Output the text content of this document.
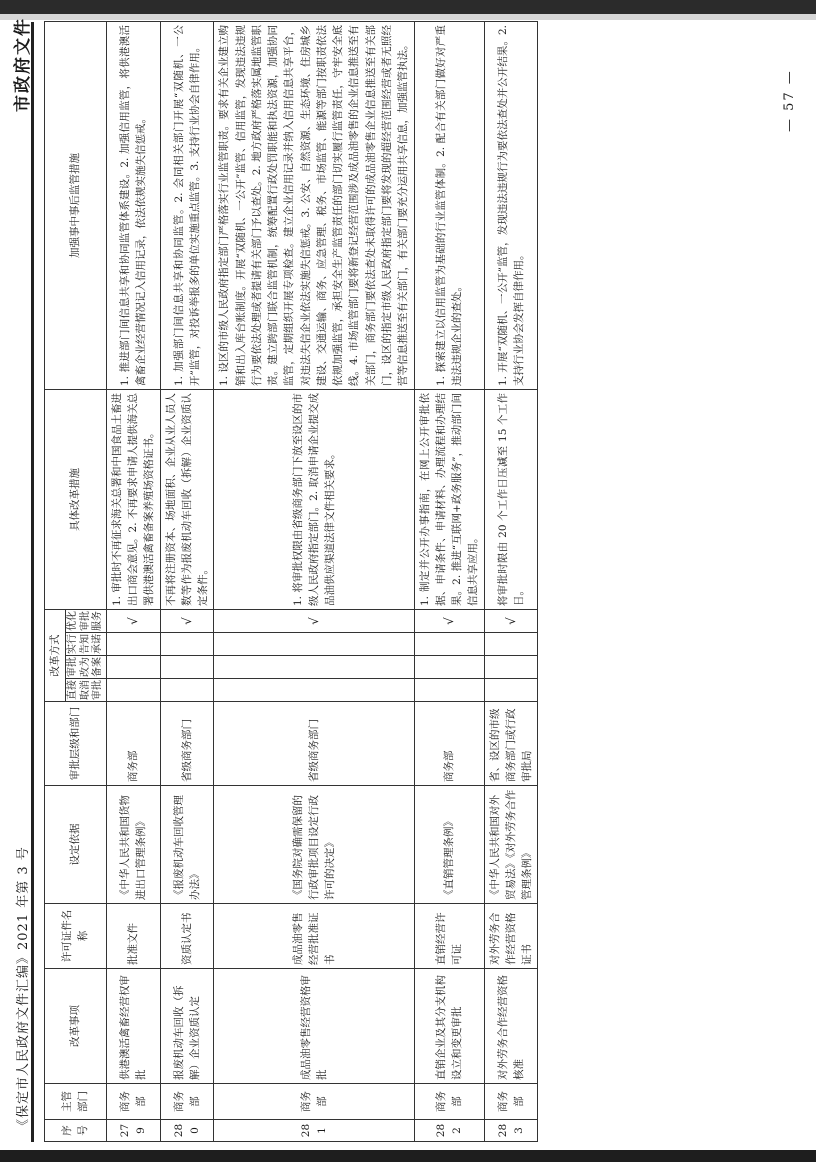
《保定市人民政府文件汇编》2021 年第 3 号
市政府文件
序号	主管部门	改革事项	许可证件名称	设定依据	审批层级和部门	改革方式				具体改革措施	加强事中事后监管措施
						直接取消审批	审批改为备案	实行告知承诺	优化审批服务		
279	商务部	供港澳活禽畜经营权审批	批准文件	《中华人民共和国货物进出口管理条例》	商务部				√	1. 审批时不再征求海关总署和中国食品土畜进出口商会意见。2. 不再要求申请人提供海关总署供港澳活禽畜备案养殖场资格证书。	1. 推进部门间信息共享和协同监管体系建设。2. 加强信用监管，将供港澳活禽畜企业经营情况记入信用记录，依法依规实施失信惩戒。
280	商务部	报废机动车回收（拆解）企业资质认定	资质认定书	《报废机动车回收管理办法》	省级商务部门				√	不再将注册资本、场地面积、企业从业人员人数等作为报废机动车回收（拆解）企业资质认定条件。	1. 加强部门间信息共享和协同监管。2. 会同相关部门开展“双随机、一公开”监管，对投诉举报多的单位实施重点监管。3. 支持行业协会自律作用。
281	商务部	成品油零售经营资格审批	成品油零售经营批准证书	《国务院对确需保留的行政审批项目设定行政许可的决定》	省级商务部门				√	1. 将审批权限由省级商务部门下放至设区的市级人民政府指定部门。2. 取消申请企业提交成品油供应渠道法律文件相关要求。	1. 设区的市级人民政府指定部门严格落实行业监管职责。要求有关企业建立购销和出入库台账制度。开展“双随机、一公开”监管、信用监管，发现违法违规行为要依法处理或者提请有关部门予以查处。2. 地方政府严格落实属地监管职责。建立跨部门联合监管机制，统筹配置行政处罚职能和执法资源，加强协同监管，定期组织开展专项检查。建立企业信用记录并纳入信用信息共享平台，对违法失信企业依法实施失信惩戒。3. 公安、自然资源、生态环境、住房城乡建设、交通运输、商务、应急管理、税务、市场监管、能源等部门按职责依法依规加强监管，承担安全生产监管责任的部门切实履行监管责任，守牢安全底线。4. 市场监管部门要将新登记经营范围涉及成品油零售的企业信息推送至有关部门，商务部门要依法查处未取得许可的成品油零售企业信息推送至有关部门，设区的指定市级人民政府指定部门要将发现的超经营范围经营或者无照经营等信息推送至有关部门，有关部门要充分运用共享信息，加强监管执法。
282	商务部	直销企业及其分支机构设立和变更审批	直销经营许可证	《直销管理条例》	商务部				√	1. 制定并公开办事指南，在网上公开审批依据、申请条件、申请材料、办理流程和办理结果。2. 推进“互联网+政务服务”，推动部门间信息共享应用。	1. 探索建立以信用监管为基础的行业监管体制。2. 配合有关部门做好对严重违法违规企业的查处。
283	商务部	对外劳务合作经营资格核准	对外劳务合作经营资格证书	《中华人民共和国对外贸易法》《对外劳务合作管理条例》	省、设区的市级商务部门或行政审批局				√	将审批时限由 20 个工作日压减至 15 个工作日。	1. 开展“双随机、一公开”监管，发现违法违规行为要依法查处并公开结果。2. 支持行业协会发挥自律作用。
— 57 —
